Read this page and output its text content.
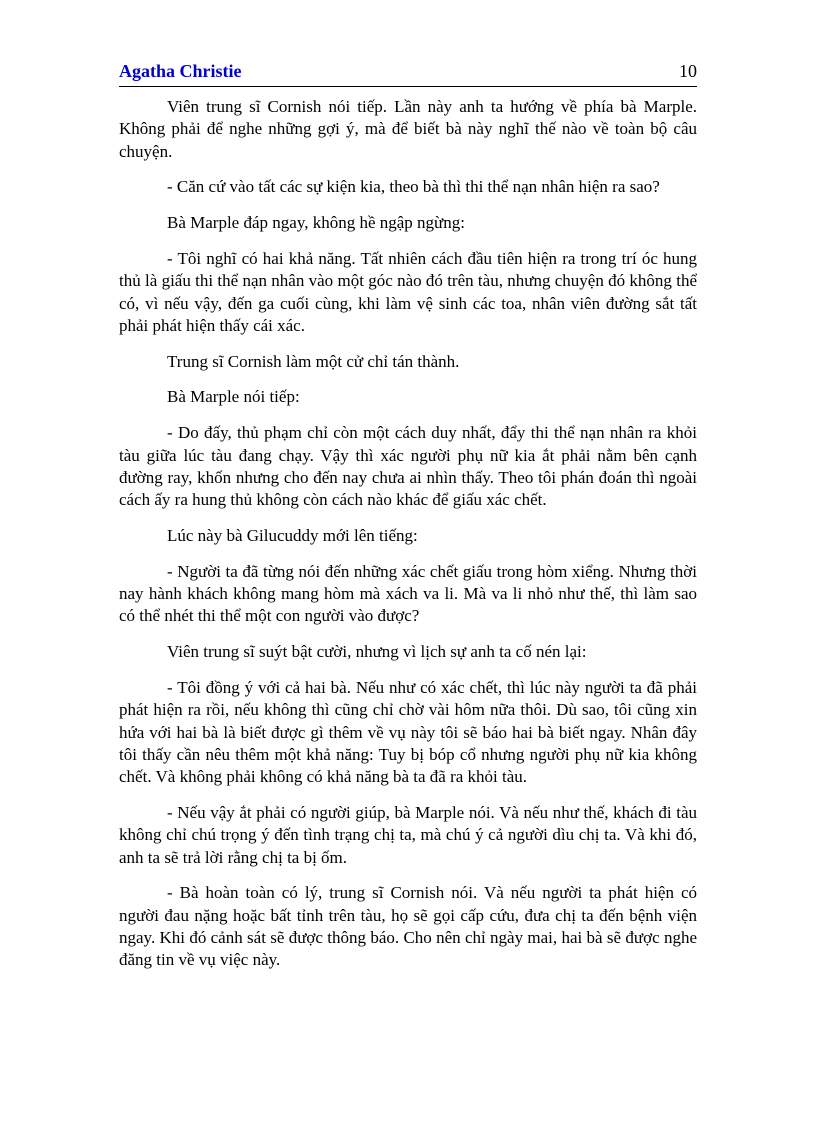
Agatha Christie	10

Viên trung sĩ Cornish nói tiếp. Lần này anh ta hướng về phía bà Marple. Không phải để nghe những gợi ý, mà để biết bà này nghĩ thế nào về toàn bộ câu chuyện.

- Căn cứ vào tất các sự kiện kia, theo bà thì thi thể nạn nhân hiện ra sao?

Bà Marple đáp ngay, không hề ngập ngừng:

- Tôi nghĩ có hai khả năng. Tất nhiên cách đầu tiên hiện ra trong trí óc hung thủ là giấu thi thể nạn nhân vào một góc nào đó trên tàu, nhưng chuyện đó không thể có, vì nếu vậy, đến ga cuối cùng, khi làm vệ sinh các toa, nhân viên đường sắt tất phải phát hiện thấy cái xác.

Trung sĩ Cornish làm một cử chỉ tán thành.

Bà Marple nói tiếp:

- Do đấy, thủ phạm chỉ còn một cách duy nhất, đẩy thi thể nạn nhân ra khỏi tàu giữa lúc tàu đang chạy. Vậy thì xác người phụ nữ kia ắt phải nằm bên cạnh đường ray, khốn nhưng cho đến nay chưa ai nhìn thấy. Theo tôi phán đoán thì ngoài cách ấy ra hung thủ không còn cách nào khác để giấu xác chết.

Lúc này bà Gilucuddy mới lên tiếng:

- Người ta đã từng nói đến những xác chết giấu trong hòm xiểng. Nhưng thời nay hành khách không mang hòm mà xách va li. Mà va li nhỏ như thế, thì làm sao có thể nhét thi thể một con người vào được?

Viên trung sĩ suýt bật cười, nhưng vì lịch sự anh ta cố nén lại:

- Tôi đồng ý với cả hai bà. Nếu như có xác chết, thì lúc này người ta đã phải phát hiện ra rồi, nếu không thì cũng chỉ chờ vài hôm nữa thôi. Dù sao, tôi cũng xin hứa với hai bà là biết được gì thêm về vụ này tôi sẽ báo hai bà biết ngay. Nhân đây tôi thấy cần nêu thêm một khả năng: Tuy bị bóp cổ nhưng người phụ nữ kia không chết. Và không phải không có khả năng bà ta đã ra khỏi tàu.

- Nếu vậy ắt phải có người giúp, bà Marple nói. Và nếu như thế, khách đi tàu không chỉ chú trọng ý đến tình trạng chị ta, mà chú ý cả người dìu chị ta. Và khi đó, anh ta sẽ trả lời rằng chị ta bị ốm.

- Bà hoàn toàn có lý, trung sĩ Cornish nói. Và nếu người ta phát hiện có người đau nặng hoặc bất tỉnh trên tàu, họ sẽ gọi cấp cứu, đưa chị ta đến bệnh viện ngay. Khi đó cảnh sát sẽ được thông báo. Cho nên chỉ ngày mai, hai bà sẽ được nghe đăng tin về vụ việc này.
